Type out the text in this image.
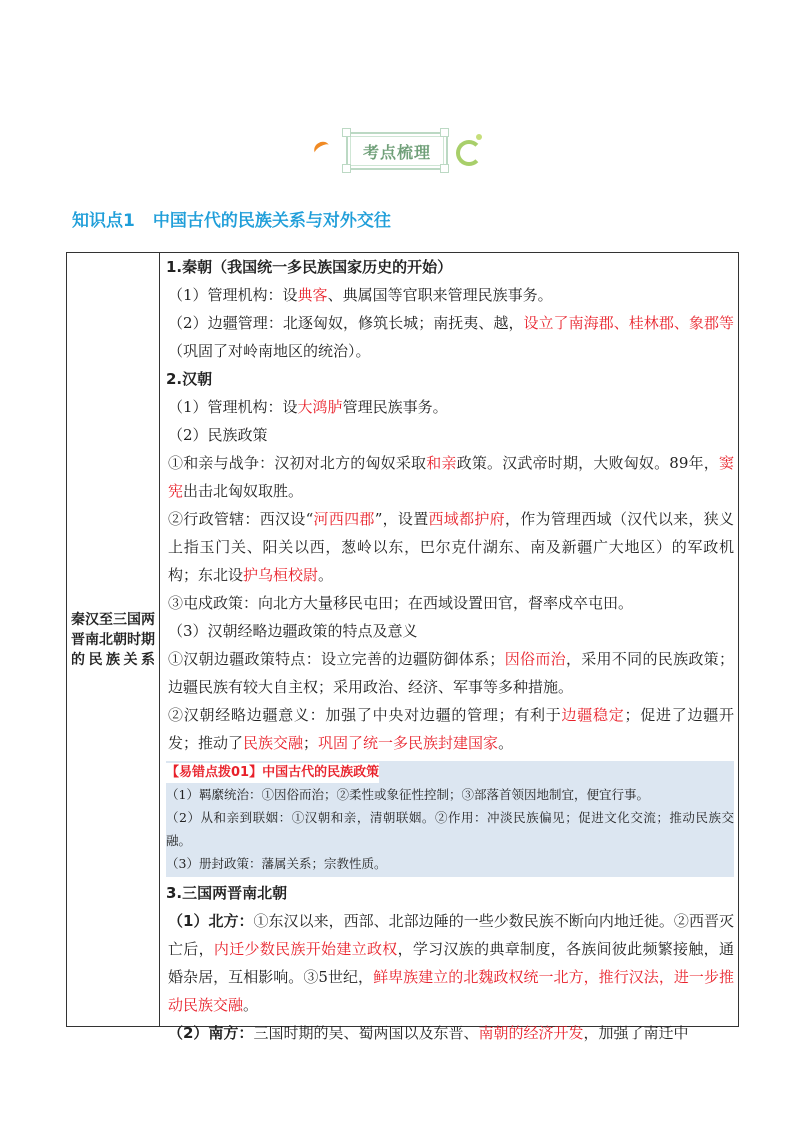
考点梳理
知识点1 中国古代的民族关系与对外交往
秦汉至三国两晋南北朝时期的民族关系	

1.秦朝（我国统一多民族国家历史的开始）

（1）管理机构：设典客、典属国等官职来管理民族事务。

（2）边疆管理：北逐匈奴，修筑长城；南抚夷、越，设立了南海郡、桂林郡、象郡等（巩固了对岭南地区的统治）。

2.汉朝

（1）管理机构：设大鸿胪管理民族事务。

（2）民族政策

①和亲与战争：汉初对北方的匈奴采取和亲政策。汉武帝时期，大败匈奴。89年，窦宪出击北匈奴取胜。

②行政管辖：西汉设“河西四郡”，设置西域都护府，作为管理西域（汉代以来，狭义上指玉门关、阳关以西，葱岭以东，巴尔克什湖东、南及新疆广大地区）的军政机构；东北设护乌桓校尉。

③屯戍政策：向北方大量移民屯田；在西域设置田官，督率戍卒屯田。

（3）汉朝经略边疆政策的特点及意义

①汉朝边疆政策特点：设立完善的边疆防御体系；因俗而治，采用不同的民族政策；边疆民族有较大自主权；采用政治、经济、军事等多种措施。

②汉朝经略边疆意义：加强了中央对边疆的管理；有利于边疆稳定；促进了边疆开发；推动了民族交融；巩固了统一多民族封建国家。

【易错点拨01】中国古代的民族政策

（1）羁縻统治：①因俗而治；②柔性或象征性控制；③部落首领因地制宜，便宜行事。

（2）从和亲到联姻：①汉朝和亲，清朝联姻。②作用：冲淡民族偏见；促进文化交流；推动民族交融。

（3）册封政策：藩属关系；宗教性质。

3.三国两晋南北朝

（1）北方：①东汉以来，西部、北部边陲的一些少数民族不断向内地迁徙。②西晋灭亡后，内迁少数民族开始建立政权，学习汉族的典章制度，各族间彼此频繁接触，通婚杂居，互相影响。③5世纪，鲜卑族建立的北魏政权统一北方，推行汉法，进一步推动民族交融。

（2）南方：三国时期的吴、蜀两国以及东晋、南朝的经济开发，加强了南迁中
